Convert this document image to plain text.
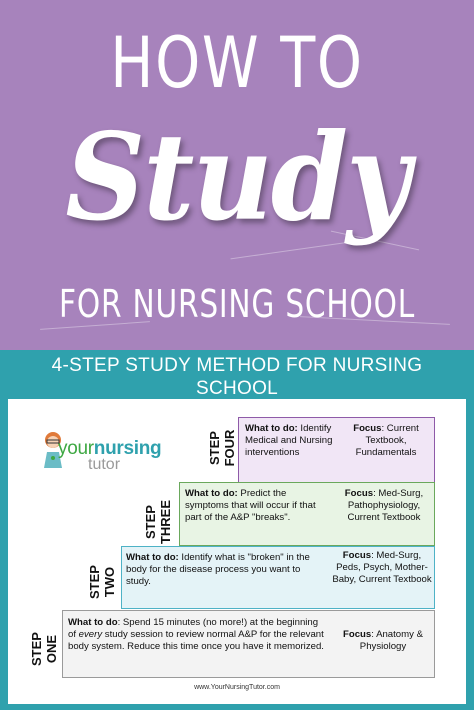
HOW TO
Study
FOR NURSING SCHOOL
4-STEP STUDY METHOD FOR NURSING
SCHOOL
yournursing
tutor	STEP FOUR
What to do: Identify Medical and Nursing interventions
Focus: Current Textbook, Fundamentals
STEP THREE
What to do: Predict the symptoms that will occur if that part of the A&P "breaks".
Focus: Med-Surg, Pathophysiology, Current Textbook
STEP TWO
What to do: Identify what is "broken" in the body for the disease process you want to study.
Focus: Med-Surg, Peds, Psych, Mother-Baby, Current Textbook
STEP ONE
What to do: Spend 15 minutes (no more!) at the beginning of every study session to review normal A&P for the relevant body system. Reduce this time once you have it memorized.
Focus: Anatomy & Physiology
www.YourNursingTutor.com
